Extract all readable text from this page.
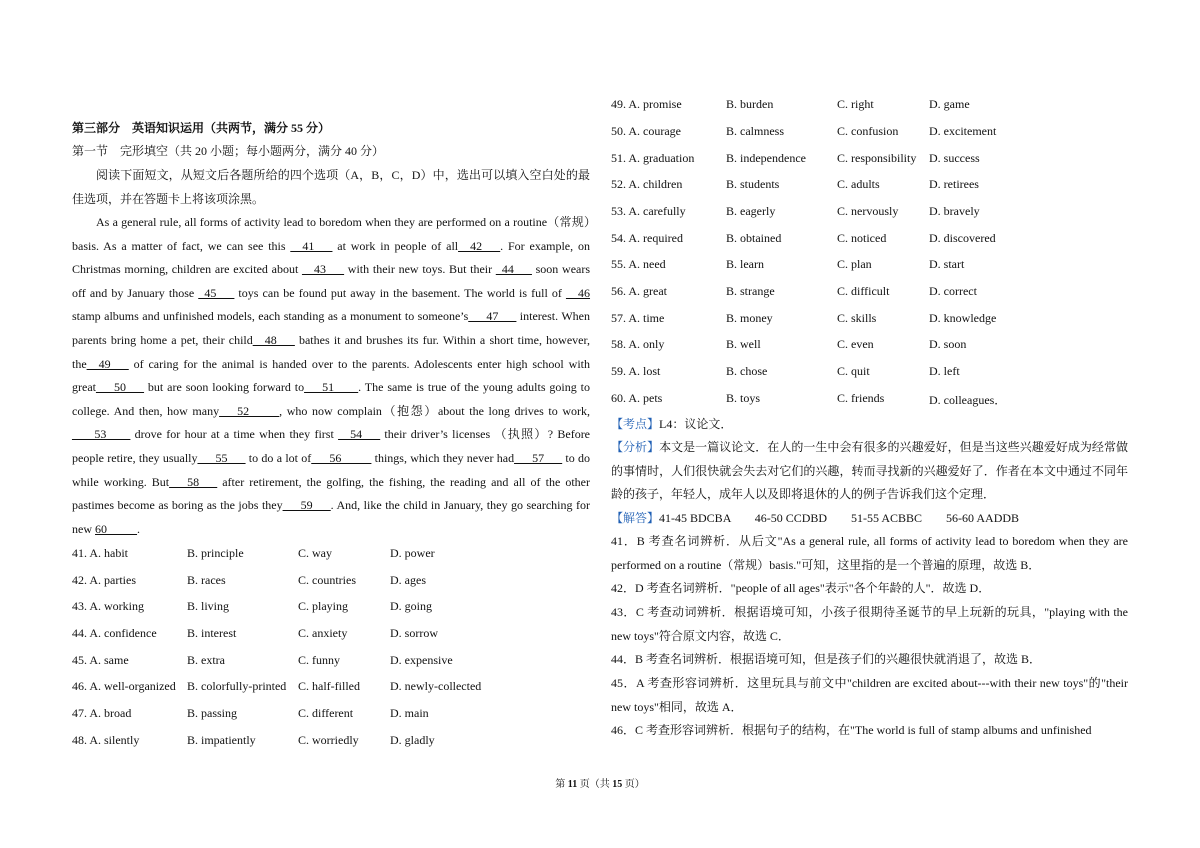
第三部分　英语知识运用（共两节，满分 55 分）
第一节　完形填空（共 20 小题；每小题两分，满分 40 分）
阅读下面短文，从短文后各题所给的四个选项（A，B，C，D）中，选出可以填入空白处的最佳选项，并在答题卡上将该项涂黑。
As a general rule, all forms of activity lead to boredom when they are performed on a routine（常规）basis. As a matter of fact, we can see this __41___ at work in people of all__42___. For example, on Christmas morning, children are excited about __43___ with their new toys. But their _44___ soon wears off and by January those _45___ toys can be found put away in the basement. The world is full of __46 stamp albums and unfinished models, each standing as a monument to someone’s___47___ interest. When parents bring home a pet, their child__48___ bathes it and brushes its fur. Within a short time, however, the__49___ of caring for the animal is handed over to the parents. Adolescents enter high school with great___50___ but are soon looking forward to___51____. The same is true of the young adults going to college. And then, how many___52_____, who now complain（抱怨）about the long drives to work, ___ 53____ drove for hour at a time when they first __54___ their driver’s licenses （执照）? Before people retire, they usually___55___ to do a lot of___56_____ things, which they never had___57___ to do while working. But___58___ after retirement, the golfing, the fishing, the reading and all of the other pastimes become as boring as the jobs they___59___. And, like the child in January, they go searching for new 60_____.
41. A. habit	B. principle	C. way	D. power
42. A. parties	B. races	C. countries	D. ages
43. A. working	B. living	C. playing	D. going
44. A. confidence	B. interest	C. anxiety	D. sorrow
45. A. same	B. extra	C. funny	D. expensive
46. A. well-organized B. colorfully-printed C. half-filled	D. newly-collected
47. A. broad	B. passing	C. different	D. main
48. A. silently	B. impatiently	C. worriedly	D. gladly
49. A. promise	B. burden	C. right	D. game
50. A. courage	B. calmness	C. confusion	D. excitement
51. A. graduation	B. independence	C. responsibility D. success
52. A. children	B. students	C. adults	D. retirees
53. A. carefully	B. eagerly	C. nervously	D. bravely
54. A. required	B. obtained	C. noticed	D. discovered
55. A. need	B. learn	C. plan	D. start
56. A. great	B. strange	C. difficult	D. correct
57. A. time	B. money	C. skills	D. knowledge
58. A. only	B. well	C. even	D. soon
59. A. lost	B. chose	C. quit	D. left
60. A. pets	B. toys	C. friends	D. colleagues．
【考点】L4：议论文．
【分析】本文是一篇议论文．在人的一生中会有很多的兴趣爱好，但是当这些兴趣爱好成为经常做的事情时，人们很快就会失去对它们的兴趣，转而寻找新的兴趣爱好了．作者在本文中通过不同年龄的孩子，年轻人，成年人以及即将退休的人的例子告诉我们这个定理．
【解答】41-45 BDCBA　　46-50 CCDBD　　51-55 ACBBC　　56-60 AADDB
41．B 考查名词辨析．从后文"As a general rule, all forms of activity lead to boredom when they are performed on a routine（常规）basis."可知，这里指的是一个普遍的原理，故选 B．
42．D 考查名词辨析．"people of all ages"表示"各个年龄的人"．故选 D．
43．C 考查动词辨析．根据语境可知，小孩子很期待圣诞节的早上玩新的玩具，"playing with the new toys"符合原文内容，故选 C．
44．B 考查名词辨析．根据语境可知，但是孩子们的兴趣很快就消退了，故选 B．
45．A 考查形容词辨析．这里玩具与前文中"children are excited about---with their new toys"的"their new toys"相同，故选 A．
46．C 考查形容词辨析．根据句子的结构，在"The world is full of stamp albums and unfinished
第 11 页（共 15 页）
